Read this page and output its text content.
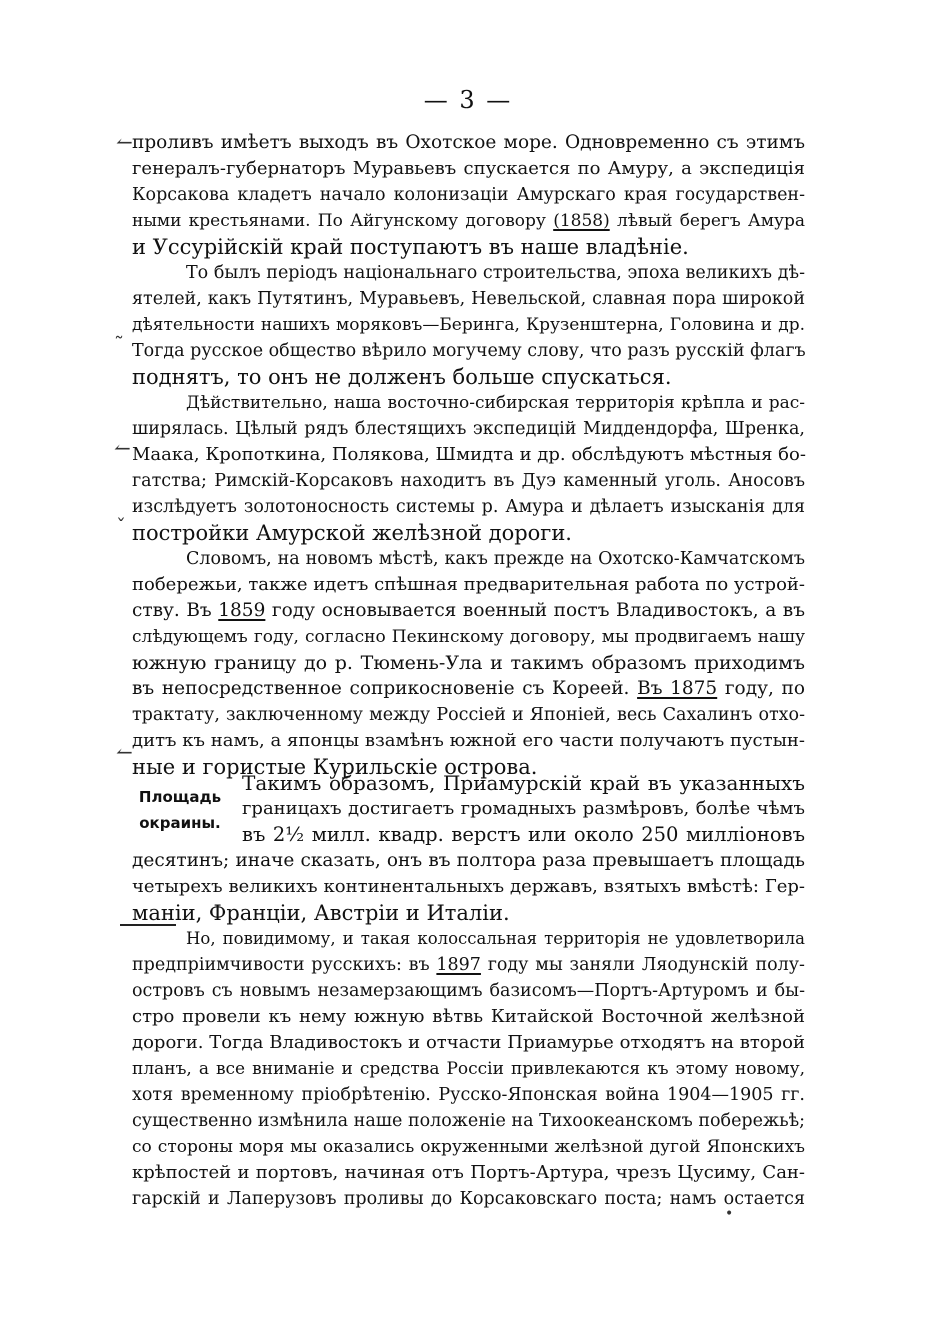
— 3 —
↼
˜
↼
ˇ
↼
•
проливъ имѣетъ выходъ въ Охотское море. Одновременно съ этимъ
генералъ-губернаторъ Муравьевъ спускается по Амуру, а экспедиція
Корсакова кладетъ начало колонизаціи Амурскаго края государствен-
ными крестьянами. По Айгунскому договору (1858) лѣвый берегъ Амура
и Уссурійскій край поступаютъ въ наше владѣніе.
То былъ періодъ національнаго строительства, эпоха великихъ дѣ-
ятелей, какъ Путятинъ, Муравьевъ, Невельской, славная пора широкой
дѣятельности нашихъ моряковъ—Беринга, Крузенштерна, Головина и др.
Тогда русское общество вѣрило могучему слову, что разъ русскій флагъ
поднятъ, то онъ не долженъ больше спускаться.
Дѣйствительно, наша восточно-сибирская территорія крѣпла и рас-
ширялась. Цѣлый рядъ блестящихъ экспедицій Миддендорфа, Шренка,
Маака, Кропоткина, Полякова, Шмидта и др. обслѣдуютъ мѣстныя бо-
гатства; Римскій-Корсаковъ находитъ въ Дуэ каменный уголь. Аносовъ
изслѣдуетъ золотоносность системы р. Амура и дѣлаетъ изысканія для
постройки Амурской желѣзной дороги.
Словомъ, на новомъ мѣстѣ, какъ прежде на Охотско-Камчатскомъ
побережьи, также идетъ спѣшная предварительная работа по устрой-
ству. Въ 1859 году основывается военный постъ Владивостокъ, а въ
слѣдующемъ году, согласно Пекинскому договору, мы продвигаемъ нашу
южную границу до р. Тюмень-Ула и такимъ образомъ приходимъ
въ непосредственное соприкосновеніе съ Кореей. Въ 1875 году, по
трактату, заключенному между Россіей и Японіей, весь Сахалинъ отхо-
дитъ къ намъ, а японцы взамѣнъ южной его части получаютъ пустын-
ные и гористые Курильскіе острова.
Площадь
окраины.
Такимъ образомъ, Приамурскій край въ указанныхъ
границахъ достигаетъ громадныхъ размѣровъ, болѣе чѣмъ
въ 2½ милл. квадр. верстъ или около 250 милліоновъ
десятинъ; иначе сказать, онъ въ полтора раза превышаетъ площадь
четырехъ великихъ континентальныхъ державъ, взятыхъ вмѣстѣ: Гер-
маніи, Франціи, Австріи и Италіи.
Но, повидимому, и такая колоссальная территорія не удовлетворила
предпріимчивости русскихъ: въ 1897 году мы заняли Ляодунскій полу-
островъ съ новымъ незамерзающимъ базисомъ—Портъ-Артуромъ и бы-
стро провели къ нему южную вѣтвь Китайской Восточной желѣзной
дороги. Тогда Владивостокъ и отчасти Приамурье отходятъ на второй
планъ, а все вниманіе и средства Россіи привлекаются къ этому новому,
хотя временному пріобрѣтенію. Русско-Японская война 1904—1905 гг.
существенно измѣнила наше положеніе на Тихоокеанскомъ побережьѣ;
со стороны моря мы оказались окруженными желѣзной дугой Японскихъ
крѣпостей и портовъ, начиная отъ Портъ-Артура, чрезъ Цусиму, Сан-
гарскій и Лаперузовъ проливы до Корсаковскаго поста; намъ остается
